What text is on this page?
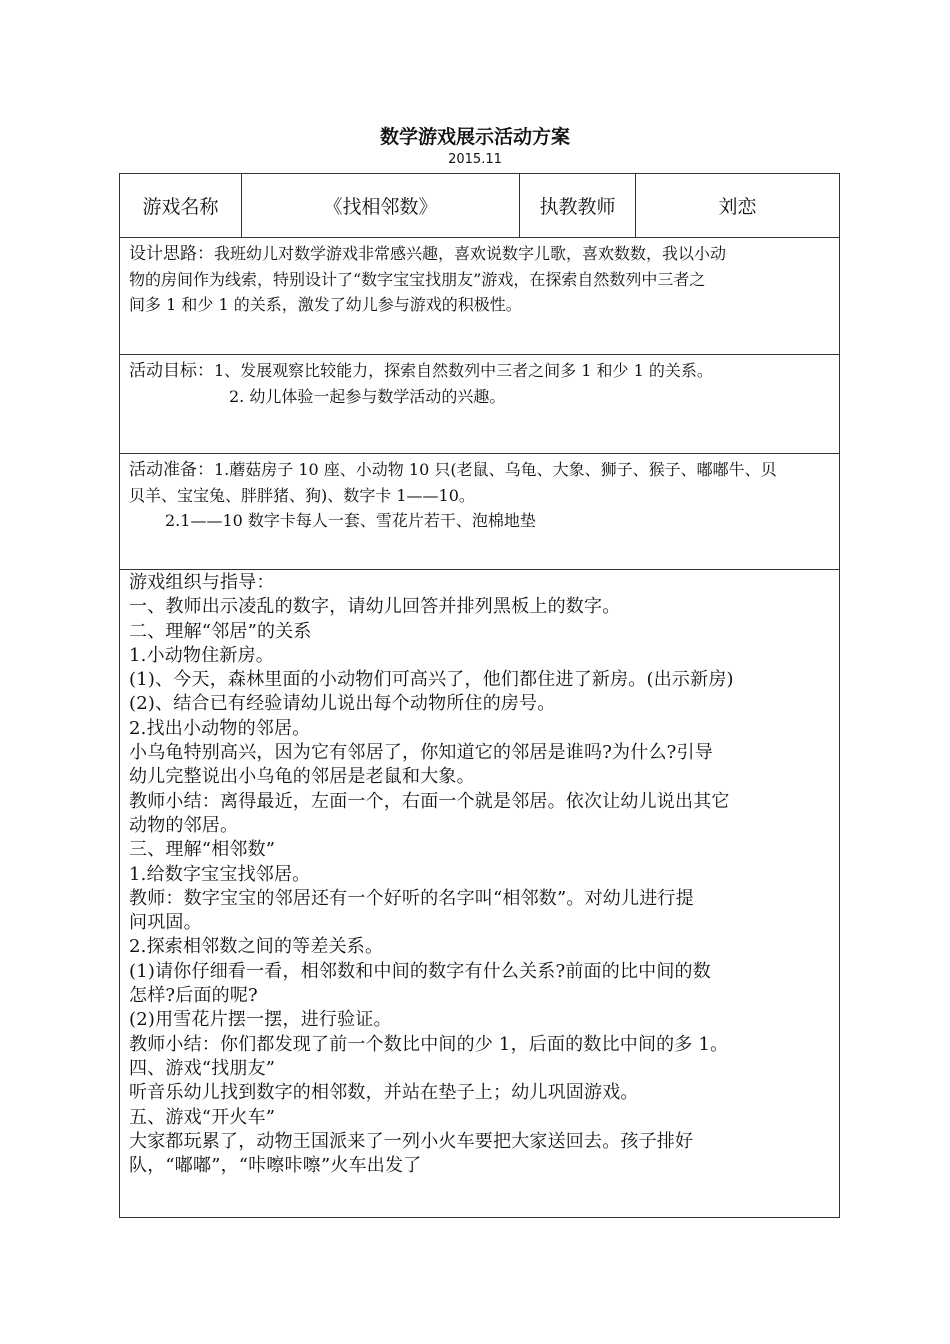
数学游戏展示活动方案
2015.11
游戏名称	《找相邻数》	执教教师	刘恋

设计思路：我班幼儿对数学游戏非常感兴趣，喜欢说数字儿歌，喜欢数数，我以小动

物的房间作为线索，特别设计了“数字宝宝找朋友”游戏，在探索自然数列中三者之

间多 1 和少 1 的关系，激发了幼儿参与游戏的积极性。

活动目标：1、发展观察比较能力，探索自然数列中三者之间多 1 和少 1 的关系。

2. 幼儿体验一起参与数学活动的兴趣。

活动准备：1.蘑菇房子 10 座、小动物 10 只(老鼠、乌龟、大象、狮子、猴子、嘟嘟牛、贝

贝羊、宝宝兔、胖胖猪、狗)、数字卡 1——10。

2.1——10 数字卡每人一套、雪花片若干、泡棉地垫

游戏组织与指导：

一、教师出示凌乱的数字，请幼儿回答并排列黑板上的数字。

二、理解“邻居”的关系

1.小动物住新房。

(1)、今天，森林里面的小动物们可高兴了，他们都住进了新房。(出示新房)

(2)、结合已有经验请幼儿说出每个动物所住的房号。

2.找出小动物的邻居。

小乌龟特别高兴，因为它有邻居了，你知道它的邻居是谁吗?为什么?引导

幼儿完整说出小乌龟的邻居是老鼠和大象。

教师小结：离得最近，左面一个，右面一个就是邻居。依次让幼儿说出其它

动物的邻居。

三、理解“相邻数”

1.给数字宝宝找邻居。

教师：数字宝宝的邻居还有一个好听的名字叫“相邻数”。对幼儿进行提

问巩固。

2.探索相邻数之间的等差关系。

(1)请你仔细看一看，相邻数和中间的数字有什么关系?前面的比中间的数

怎样?后面的呢?

(2)用雪花片摆一摆，进行验证。

教师小结：你们都发现了前一个数比中间的少 1，后面的数比中间的多 1。

四、游戏“找朋友”

听音乐幼儿找到数字的相邻数，并站在垫子上；幼儿巩固游戏。

五、游戏“开火车”

大家都玩累了，动物王国派来了一列小火车要把大家送回去。孩子排好

队，“嘟嘟”，“咔嚓咔嚓”火车出发了
